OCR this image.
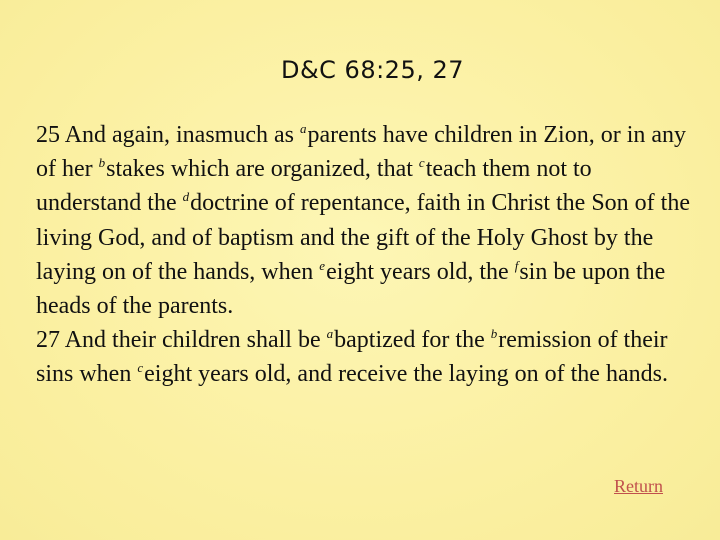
D&C 68:25, 27

25 And again, inasmuch as $^a$parents have children in Zion, or in any of her $^b$stakes which are organized, that $^c$teach them not to understand the $^d$doctrine of repentance, faith in Christ the Son of the living God, and of baptism and the gift of the Holy Ghost by the laying on of the hands, when $^e$eight years old, the $^f$sin be upon the heads of the parents.

27 And their children shall be $^a$baptized for the $^b$remission of their sins when $^c$eight years old, and receive the laying on of the hands.

Return
